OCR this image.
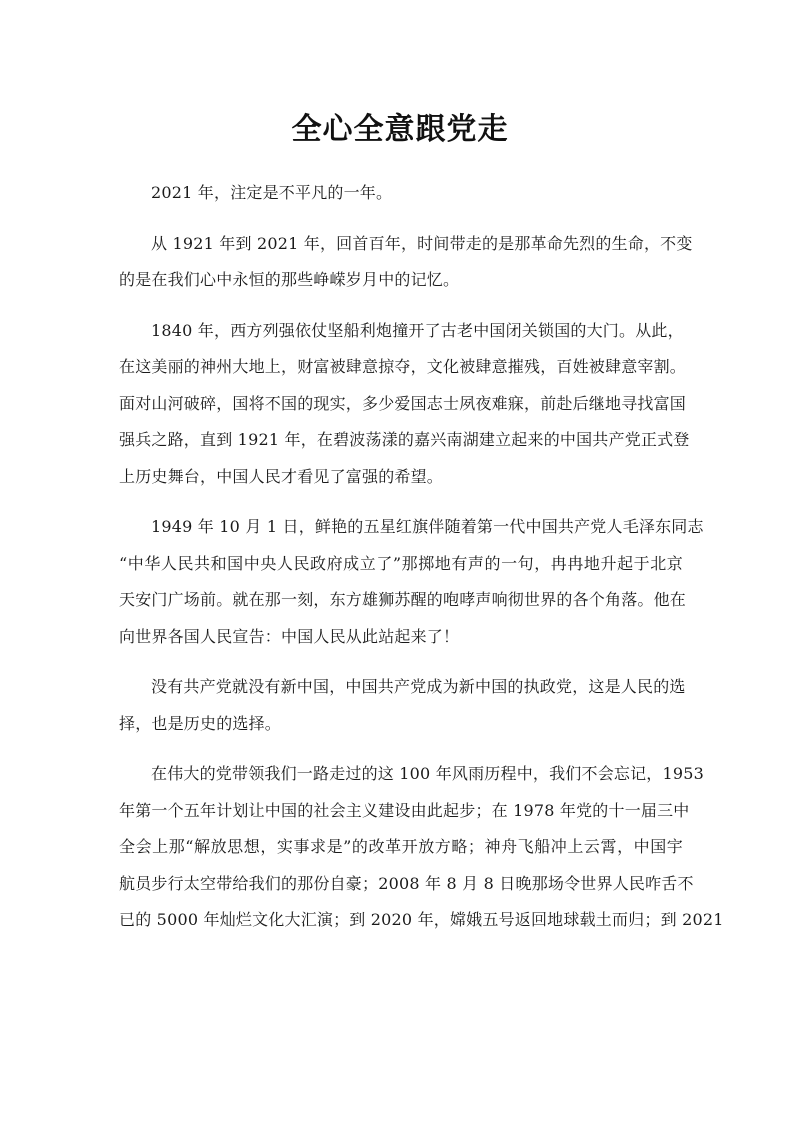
全心全意跟党走

2021 年，注定是不平凡的一年。

从 1921 年到 2021 年，回首百年，时间带走的是那革命先烈的生命，不变
的是在我们心中永恒的那些峥嵘岁月中的记忆。

1840 年，西方列强依仗坚船利炮撞开了古老中国闭关锁国的大门。从此，
在这美丽的神州大地上，财富被肆意掠夺，文化被肆意摧残，百姓被肆意宰割。
面对山河破碎，国将不国的现实，多少爱国志士夙夜难寐，前赴后继地寻找富国
强兵之路，直到 1921 年，在碧波荡漾的嘉兴南湖建立起来的中国共产党正式登
上历史舞台，中国人民才看见了富强的希望。

1949 年 10 月 1 日，鲜艳的五星红旗伴随着第一代中国共产党人毛泽东同志
“中华人民共和国中央人民政府成立了”那掷地有声的一句，冉冉地升起于北京
天安门广场前。就在那一刻，东方雄狮苏醒的咆哮声响彻世界的各个角落。他在
向世界各国人民宣告：中国人民从此站起来了！

没有共产党就没有新中国，中国共产党成为新中国的执政党，这是人民的选
择，也是历史的选择。

在伟大的党带领我们一路走过的这 100 年风雨历程中，我们不会忘记，1953
年第一个五年计划让中国的社会主义建设由此起步；在 1978 年党的十一届三中
全会上那“解放思想，实事求是”的改革开放方略；神舟飞船冲上云霄，中国宇
航员步行太空带给我们的那份自豪；2008 年 8 月 8 日晚那场令世界人民咋舌不
已的 5000 年灿烂文化大汇演；到 2020 年，嫦娥五号返回地球载土而归；到 2021
